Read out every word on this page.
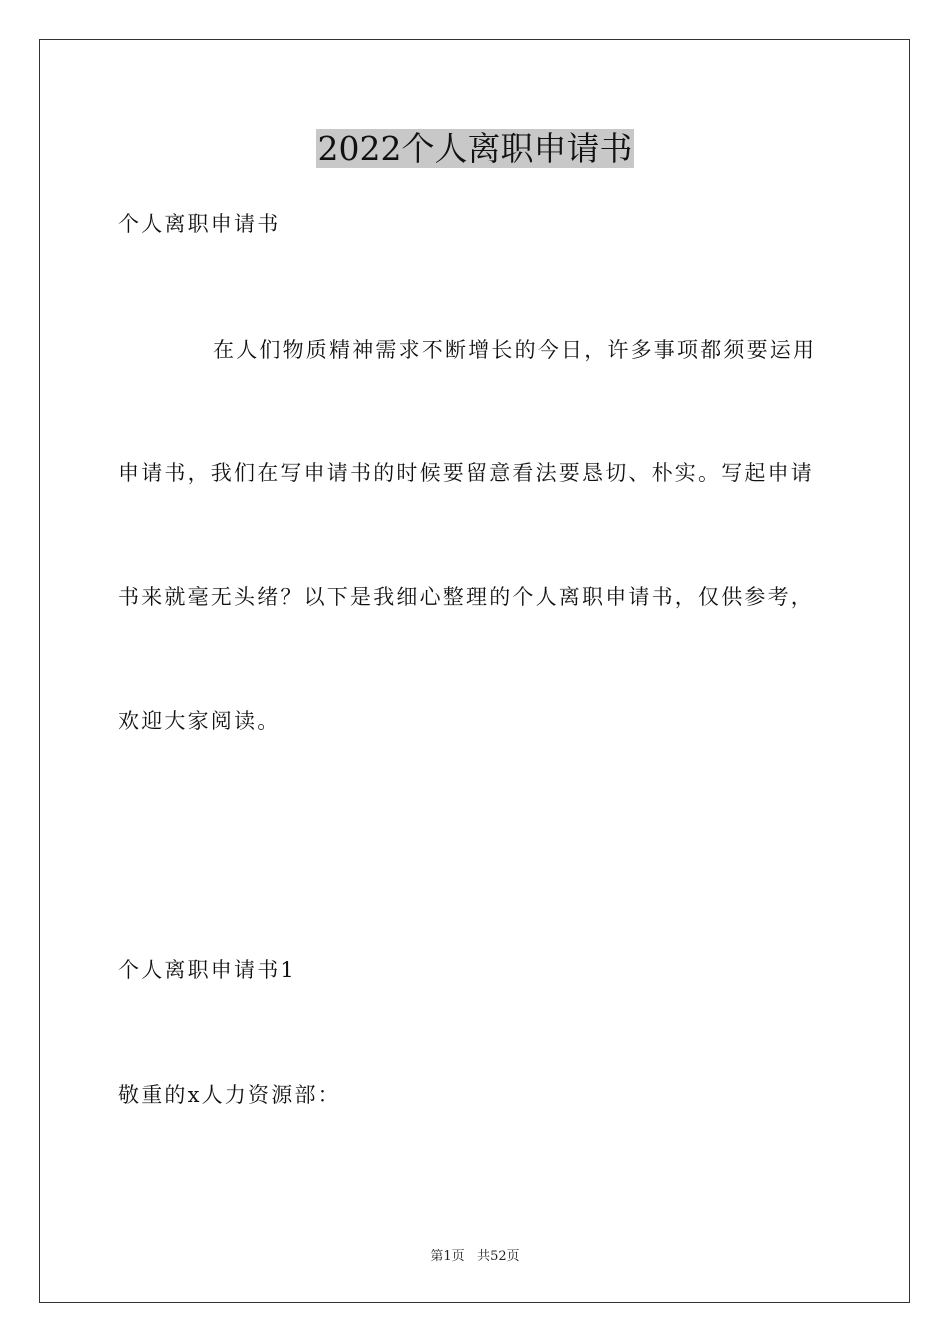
2022个人离职申请书

个人离职申请书

在人们物质精神需求不断增长的今日，许多事项都须要运用

申请书，我们在写申请书的时候要留意看法要恳切、朴实。写起申请

书来就毫无头绪？以下是我细心整理的个人离职申请书，仅供参考，

欢迎大家阅读。

个人离职申请书1

敬重的x人力资源部：

第1页 共52页
